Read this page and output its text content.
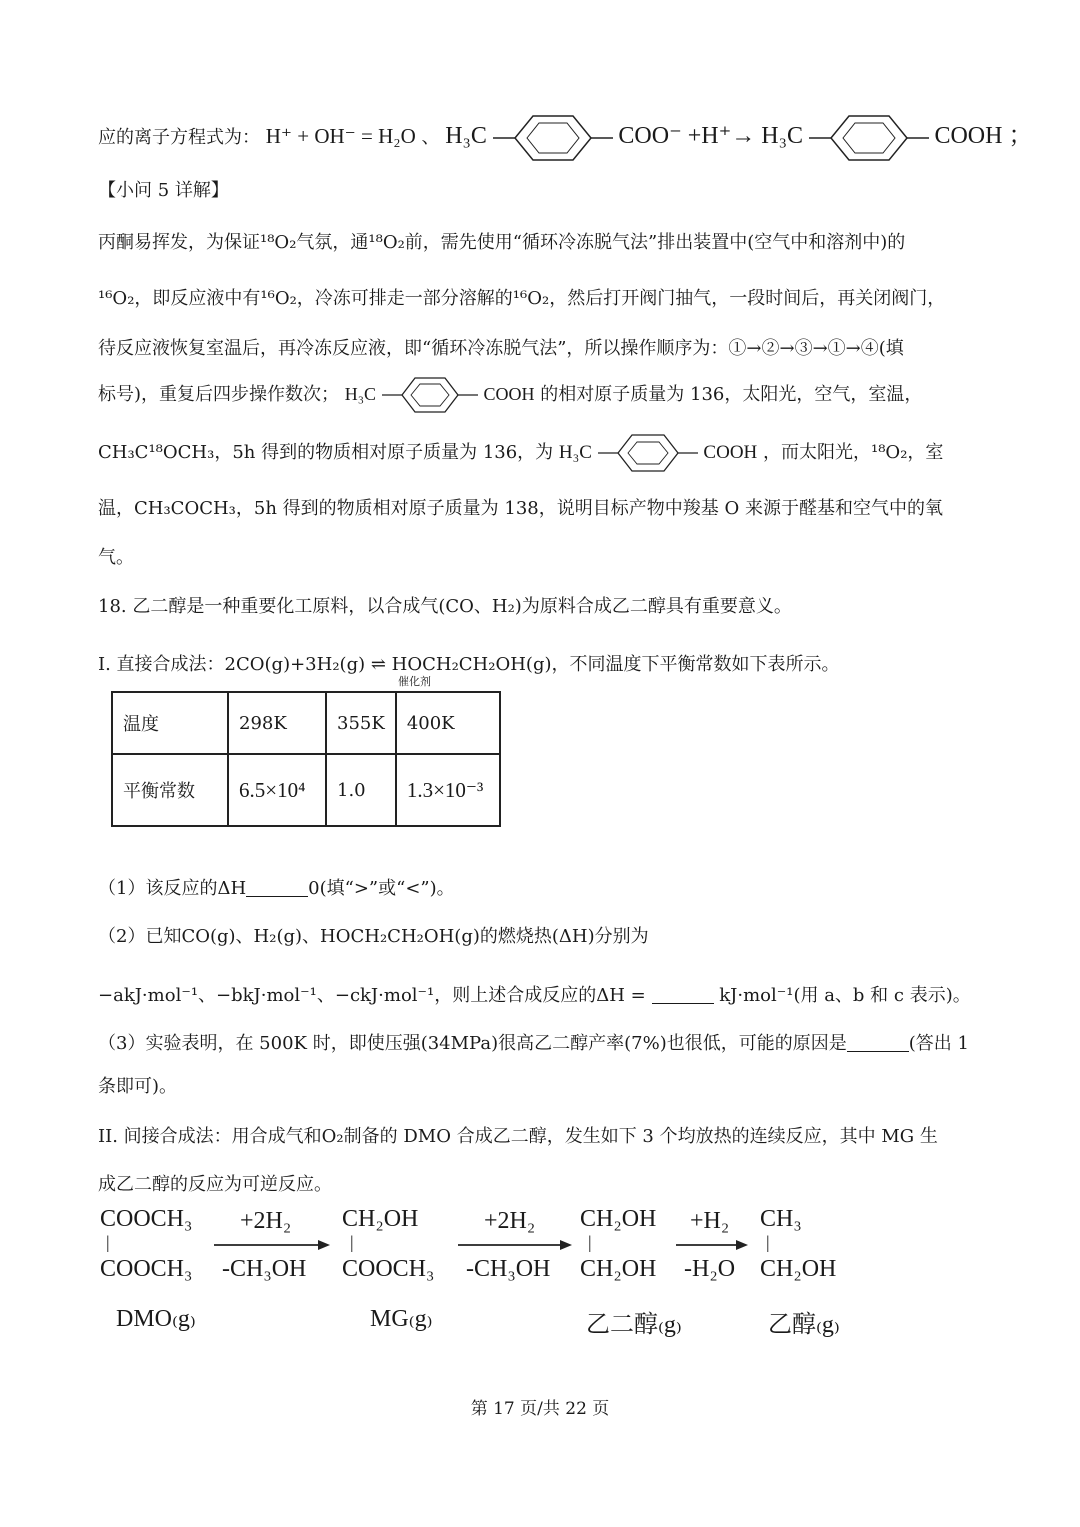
应的离子方程式为： H⁺ + OH⁻ = H₂O 、 H₃C	COO⁻ +H⁺→ H₃C	COOH ；
【小问 5 详解】
丙酮易挥发，为保证¹⁸O₂气氛，通¹⁸O₂前，需先使用“循环冷冻脱气法”排出装置中(空气中和溶剂中)的
¹⁶O₂，即反应液中有¹⁶O₂，冷冻可排走一部分溶解的¹⁶O₂，然后打开阀门抽气，一段时间后，再关闭阀门，
待反应液恢复室温后，再冷冻反应液，即“循环冷冻脱气法”，所以操作顺序为：①→②→③→①→④(填
标号)，重复后四步操作数次； H₃C	COOH 的相对原子质量为 136，太阳光，空气，室温，
CH₃C¹⁸OCH₃，5h 得到的物质相对原子质量为 136，为 H₃C	COOH ，而太阳光，¹⁸O₂，室
温，CH₃COCH₃，5h 得到的物质相对原子质量为 138，说明目标产物中羧基 O 来源于醛基和空气中的氧
气。
18. 乙二醇是一种重要化工原料，以合成气(CO、H₂)为原料合成乙二醇具有重要意义。
I. 直接合成法：2CO(g)+3H₂(g) ⇌ HOCH₂CH₂OH(g)，不同温度下平衡常数如下表所示。
催化剂
温度	298K	355K	400K
平衡常数	6.5×10⁴	1.0	1.3×10⁻³
（1）该反应的ΔH	0(填“>”或“<”)。
（2）已知CO(g)、H₂(g)、HOCH₂CH₂OH(g)的燃烧热(ΔH)分别为
−akJ·mol⁻¹、−bkJ·mol⁻¹、−ckJ·mol⁻¹，则上述合成反应的ΔH =	kJ·mol⁻¹(用 a、b 和 c 表示)。
（3）实验表明，在 500K 时，即使压强(34MPa)很高乙二醇产率(7%)也很低，可能的原因是	(答出 1
条即可)。
II. 间接合成法：用合成气和O₂制备的 DMO 合成乙二醇，发生如下 3 个均放热的连续反应，其中 MG 生
成乙二醇的反应为可逆反应。
COOCH₃
|
COOCH₃
DMO₍g₎
+2H₂
-CH₃OH
CH₂OH
|
COOCH₃
MG₍g₎
+2H₂
-CH₃OH
CH₂OH
|
CH₂OH
乙二醇₍g₎
+H₂
-H₂O
CH₃
|
CH₂OH
乙醇₍g₎
第 17 页/共 22 页
